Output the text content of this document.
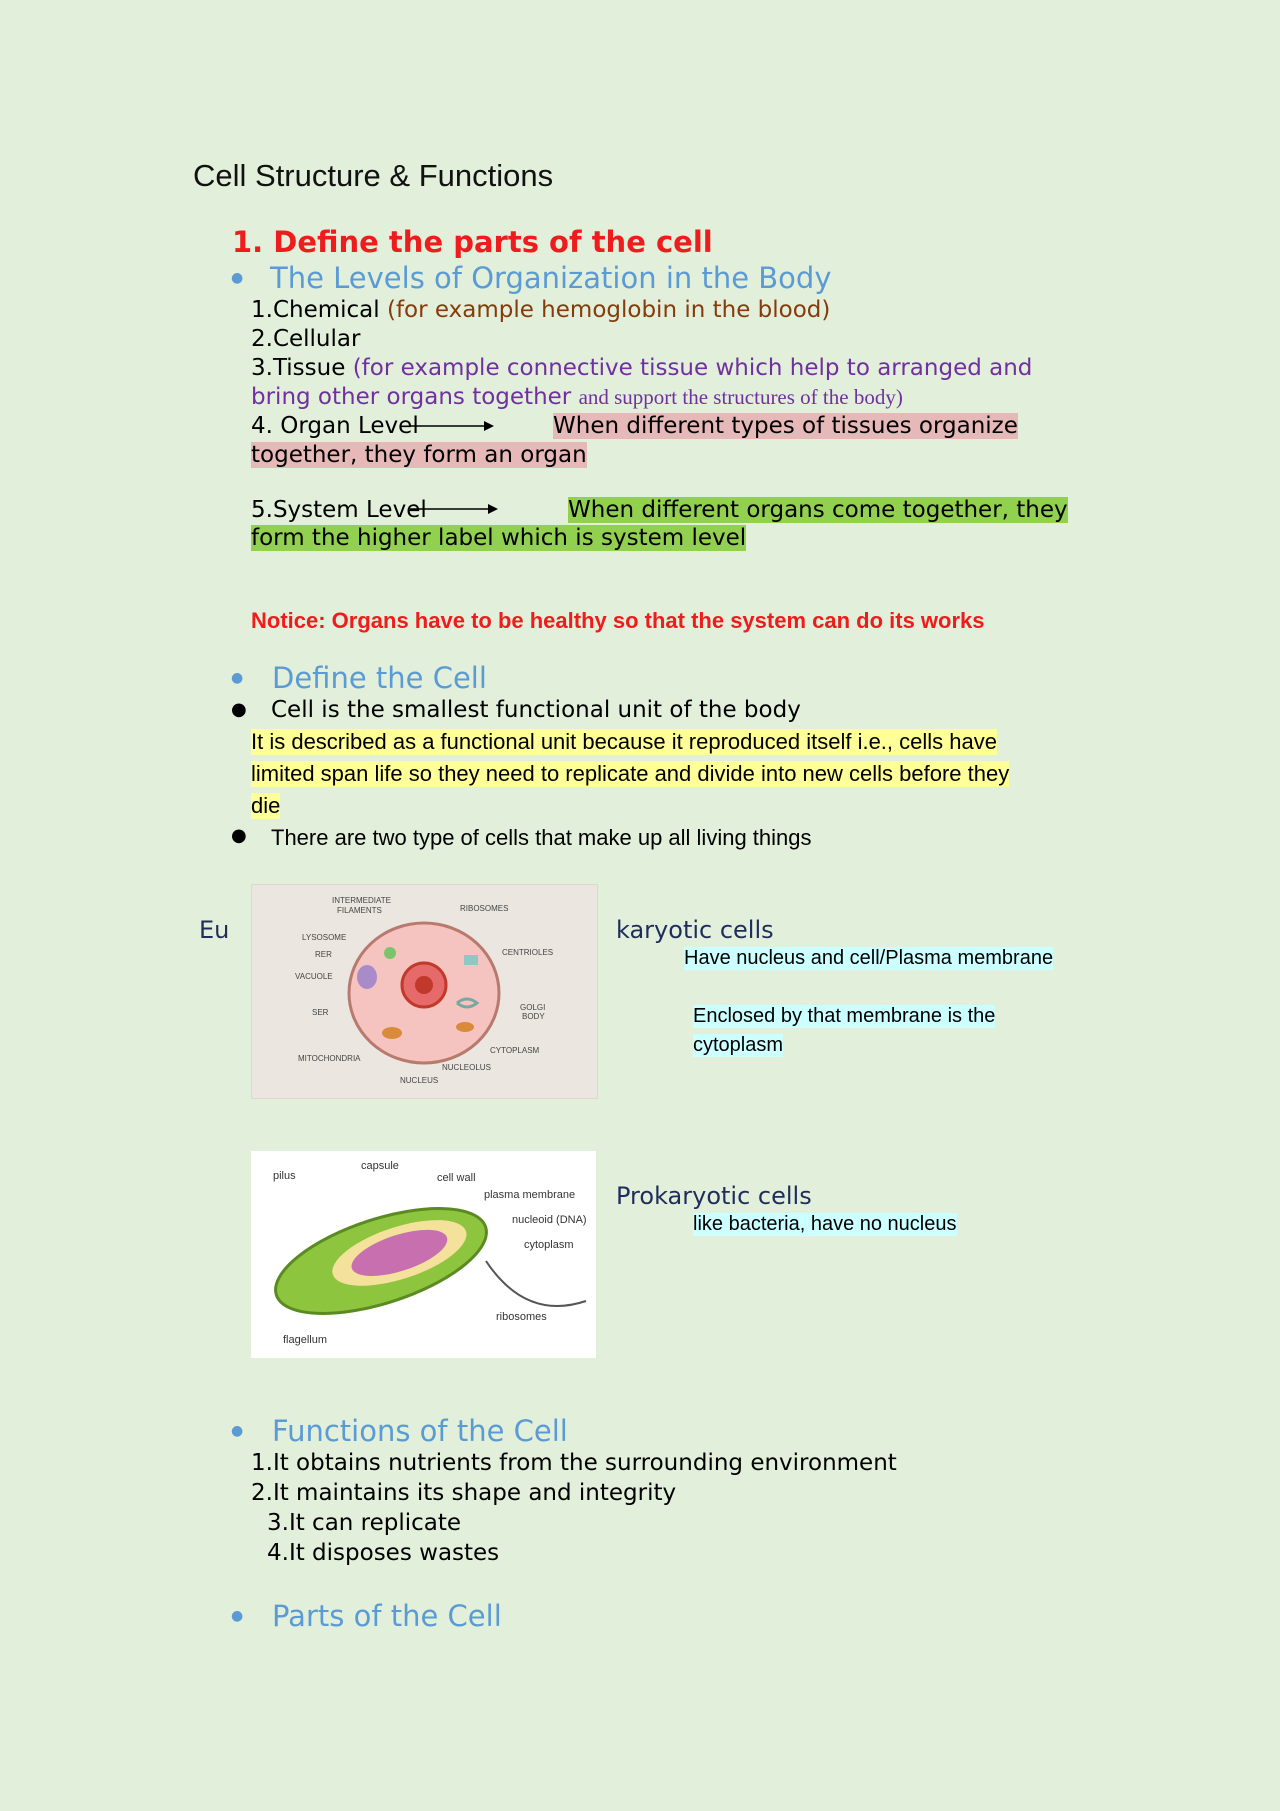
Cell Structure & Functions
1. Define the parts of the cell
● The Levels of Organization in the Body
1.Chemical (for example hemoglobin in the blood)
2.Cellular
3.Tissue (for example connective tissue which help to arranged and
bring other organs together and support the structures of the body)
4. Organ Level	When different types of tissues organize
together, they form an organ
5.System Level	When different organs come together, they
form the higher label which is system level
Notice: Organs have to be healthy so that the system can do its works
● Define the Cell
● Cell is the smallest functional unit of the body
It is described as a functional unit because it reproduced itself i.e., cells have
limited span life so they need to replicate and divide into new cells before they
die
● There are two type of cells that make up all living things
Eu
INTERMEDIATE
FILAMENTS	RIBOSOMES
LYSOSOME
RER
VACUOLE
CENTRIOLES
SER
GOLGI
BODY
CYTOPLASM
MITOCHONDRIA
NUCLEOLUS
NUCLEUS
karyotic cells
Have nucleus and cell/Plasma membrane
Enclosed by that membrane is the
cytoplasm
pilus
capsule
cell wall
plasma membrane
nucleoid (DNA)
cytoplasm
ribosomes
flagellum
Prokaryotic cells
like bacteria, have no nucleus
● Functions of the Cell
1.It obtains nutrients from the surrounding environment
2.It maintains its shape and integrity
3.It can replicate
4.It disposes wastes
● Parts of the Cell
